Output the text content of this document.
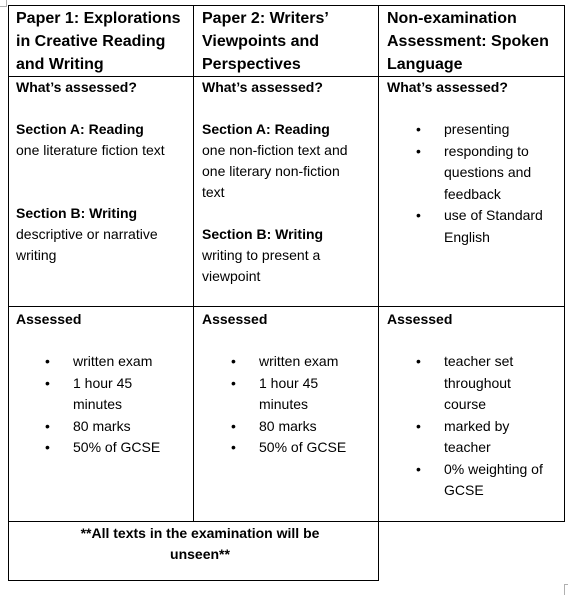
Paper 1: Explorations in Creative Reading and Writing
What’s assessed?
Section A: Reading
one literature fiction text
Section B: Writing
descriptive or narrative writing
Assessed
• written exam
• 1 hour 45 minutes
• 80 marks
• 50% of GCSE
Paper 2: Writers’ Viewpoints and Perspectives
What’s assessed?
Section A: Reading
one non-fiction text and one literary non-fiction text
Section B: Writing
writing to present a viewpoint
Assessed
• written exam
• 1 hour 45 minutes
• 80 marks
• 50% of GCSE
Non-examination Assessment: Spoken Language
What’s assessed?
• presenting
• responding to questions and feedback
• use of Standard English
Assessed
• teacher set throughout course
• marked by teacher
• 0% weighting of GCSE
**All texts in the examination will be unseen**
